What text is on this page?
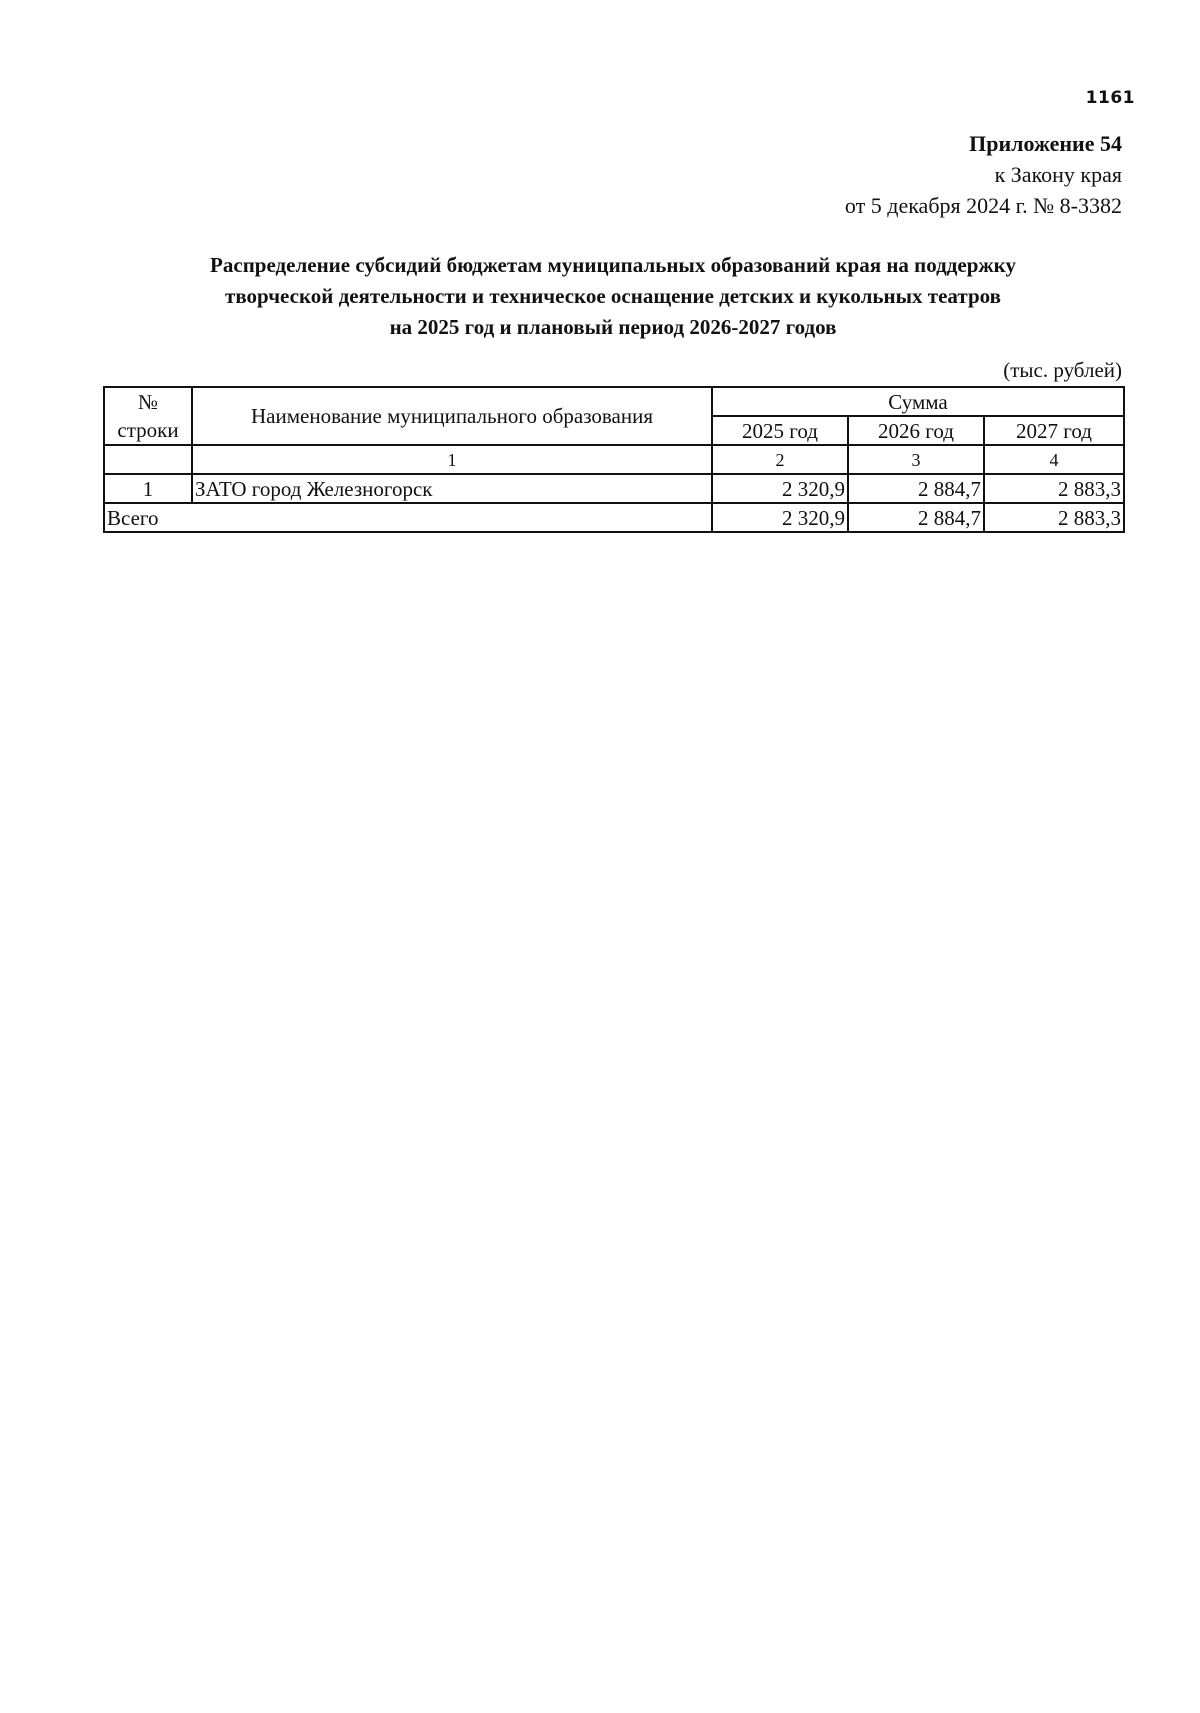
1161
Приложение 54
к Закону края
от 5 декабря 2024 г. № 8-3382
Распределение субсидий бюджетам муниципальных образований края на поддержку
творческой деятельности и техническое оснащение детских и кукольных театров
на 2025 год и плановый период 2026-2027 годов
(тыс. рублей)
№	Наименование муниципального образования	Сумма		
строки		2025 год	2026 год	2027 год
	1	2	3	4
1	ЗАТО город Железногорск	2 320,9	2 884,7	2 883,3
Всего		2 320,9	2 884,7	2 883,3
